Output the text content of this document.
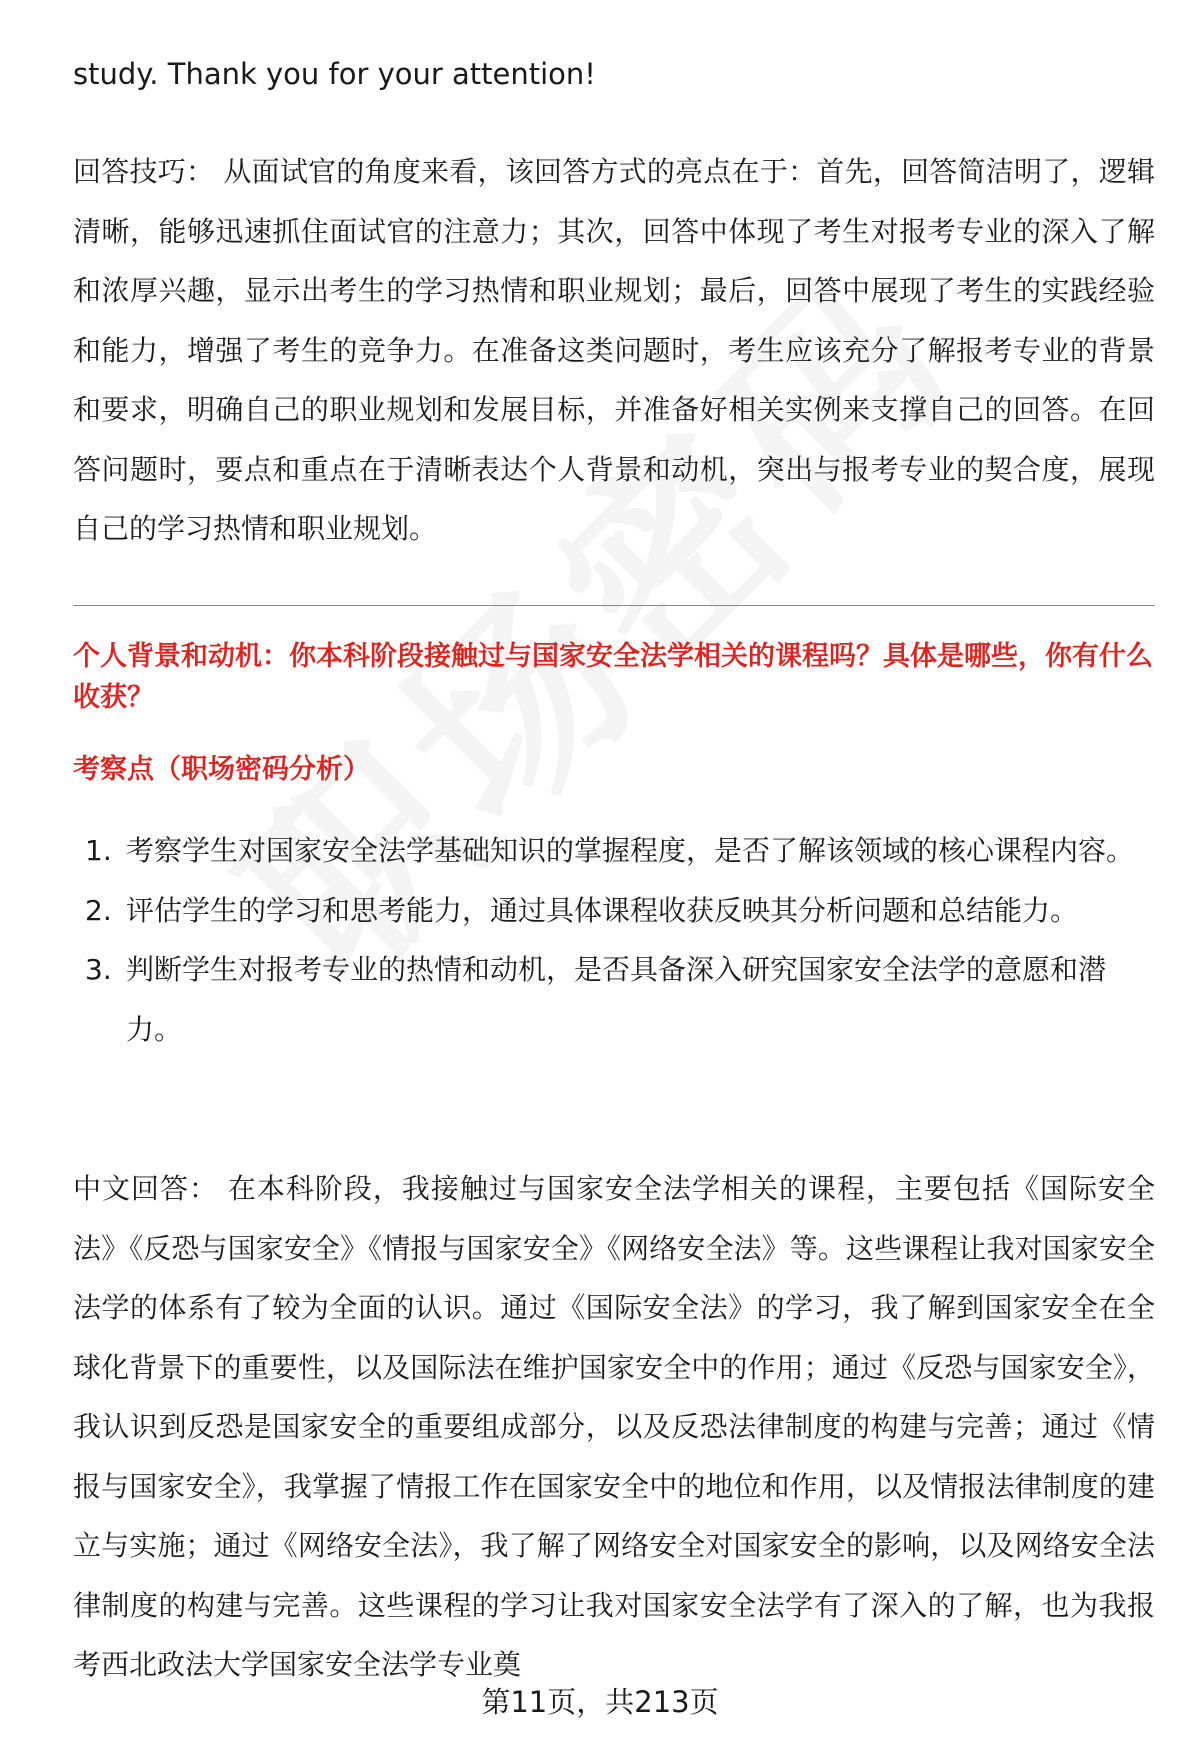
study. Thank you for your attention!

回答技巧： 从面试官的角度来看，该回答方式的亮点在于：首先，回答简洁明了，逻辑清晰，能够迅速抓住面试官的注意力；其次，回答中体现了考生对报考专业的深入了解和浓厚兴趣，显示出考生的学习热情和职业规划；最后，回答中展现了考生的实践经验和能力，增强了考生的竞争力。在准备这类问题时，考生应该充分了解报考专业的背景和要求，明确自己的职业规划和发展目标，并准备好相关实例来支撑自己的回答。在回答问题时，要点和重点在于清晰表达个人背景和动机，突出与报考专业的契合度，展现自己的学习热情和职业规划。

个人背景和动机：你本科阶段接触过与国家安全法学相关的课程吗？具体是哪些，你有什么收获？

考察点（职场密码分析）

1. 考察学生对国家安全法学基础知识的掌握程度，是否了解该领域的核心课程内容。
2. 评估学生的学习和思考能力，通过具体课程收获反映其分析问题和总结能力。
3. 判断学生对报考专业的热情和动机，是否具备深入研究国家安全法学的意愿和潜力。

中文回答： 在本科阶段，我接触过与国家安全法学相关的课程，主要包括《国际安全法》《反恐与国家安全》《情报与国家安全》《网络安全法》等。这些课程让我对国家安全法学的体系有了较为全面的认识。通过《国际安全法》的学习，我了解到国家安全在全球化背景下的重要性，以及国际法在维护国家安全中的作用；通过《反恐与国家安全》，我认识到反恐是国家安全的重要组成部分，以及反恐法律制度的构建与完善；通过《情报与国家安全》，我掌握了情报工作在国家安全中的地位和作用，以及情报法律制度的建立与实施；通过《网络安全法》，我了解了网络安全对国家安全的影响，以及网络安全法律制度的构建与完善。这些课程的学习让我对国家安全法学有了深入的了解，也为我报考西北政法大学国家安全法学专业奠

第11页，共213页
